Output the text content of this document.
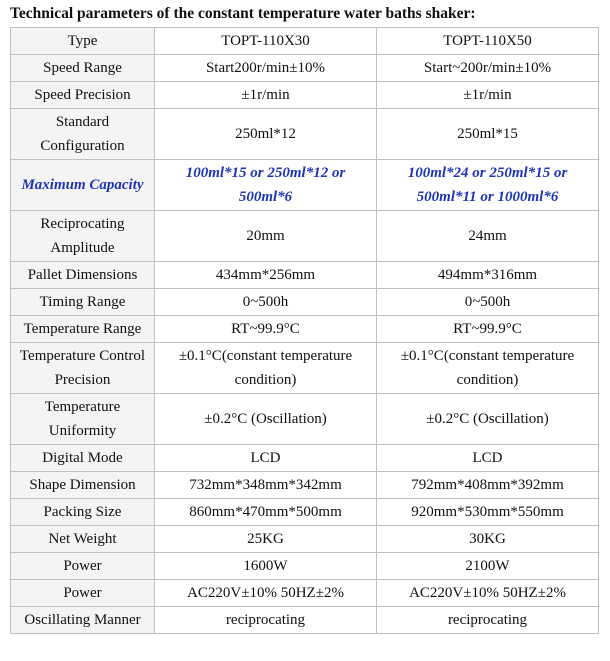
Technical parameters of the constant temperature water baths shaker:
Type	TOPT-110X30	TOPT-110X50
Speed Range	Start200r/min±10%	Start~200r/min±10%
Speed Precision	±1r/min	±1r/min
Standard Configuration	250ml*12	250ml*15
Maximum Capacity	100ml*15 or 250ml*12 or 500ml*6	100ml*24 or 250ml*15 or 500ml*11 or 1000ml*6
Reciprocating Amplitude	20mm	24mm
Pallet Dimensions	434mm*256mm	494mm*316mm
Timing Range	0~500h	0~500h
Temperature Range	RT~99.9°C	RT~99.9°C
Temperature Control Precision	±0.1°C(constant temperature condition)	±0.1°C(constant temperature condition)
Temperature Uniformity	±0.2°C (Oscillation)	±0.2°C (Oscillation)
Digital Mode	LCD	LCD
Shape Dimension	732mm*348mm*342mm	792mm*408mm*392mm
Packing Size	860mm*470mm*500mm	920mm*530mm*550mm
Net Weight	25KG	30KG
Power	1600W	2100W
Power	AC220V±10% 50HZ±2%	AC220V±10% 50HZ±2%
Oscillating Manner	reciprocating	reciprocating
